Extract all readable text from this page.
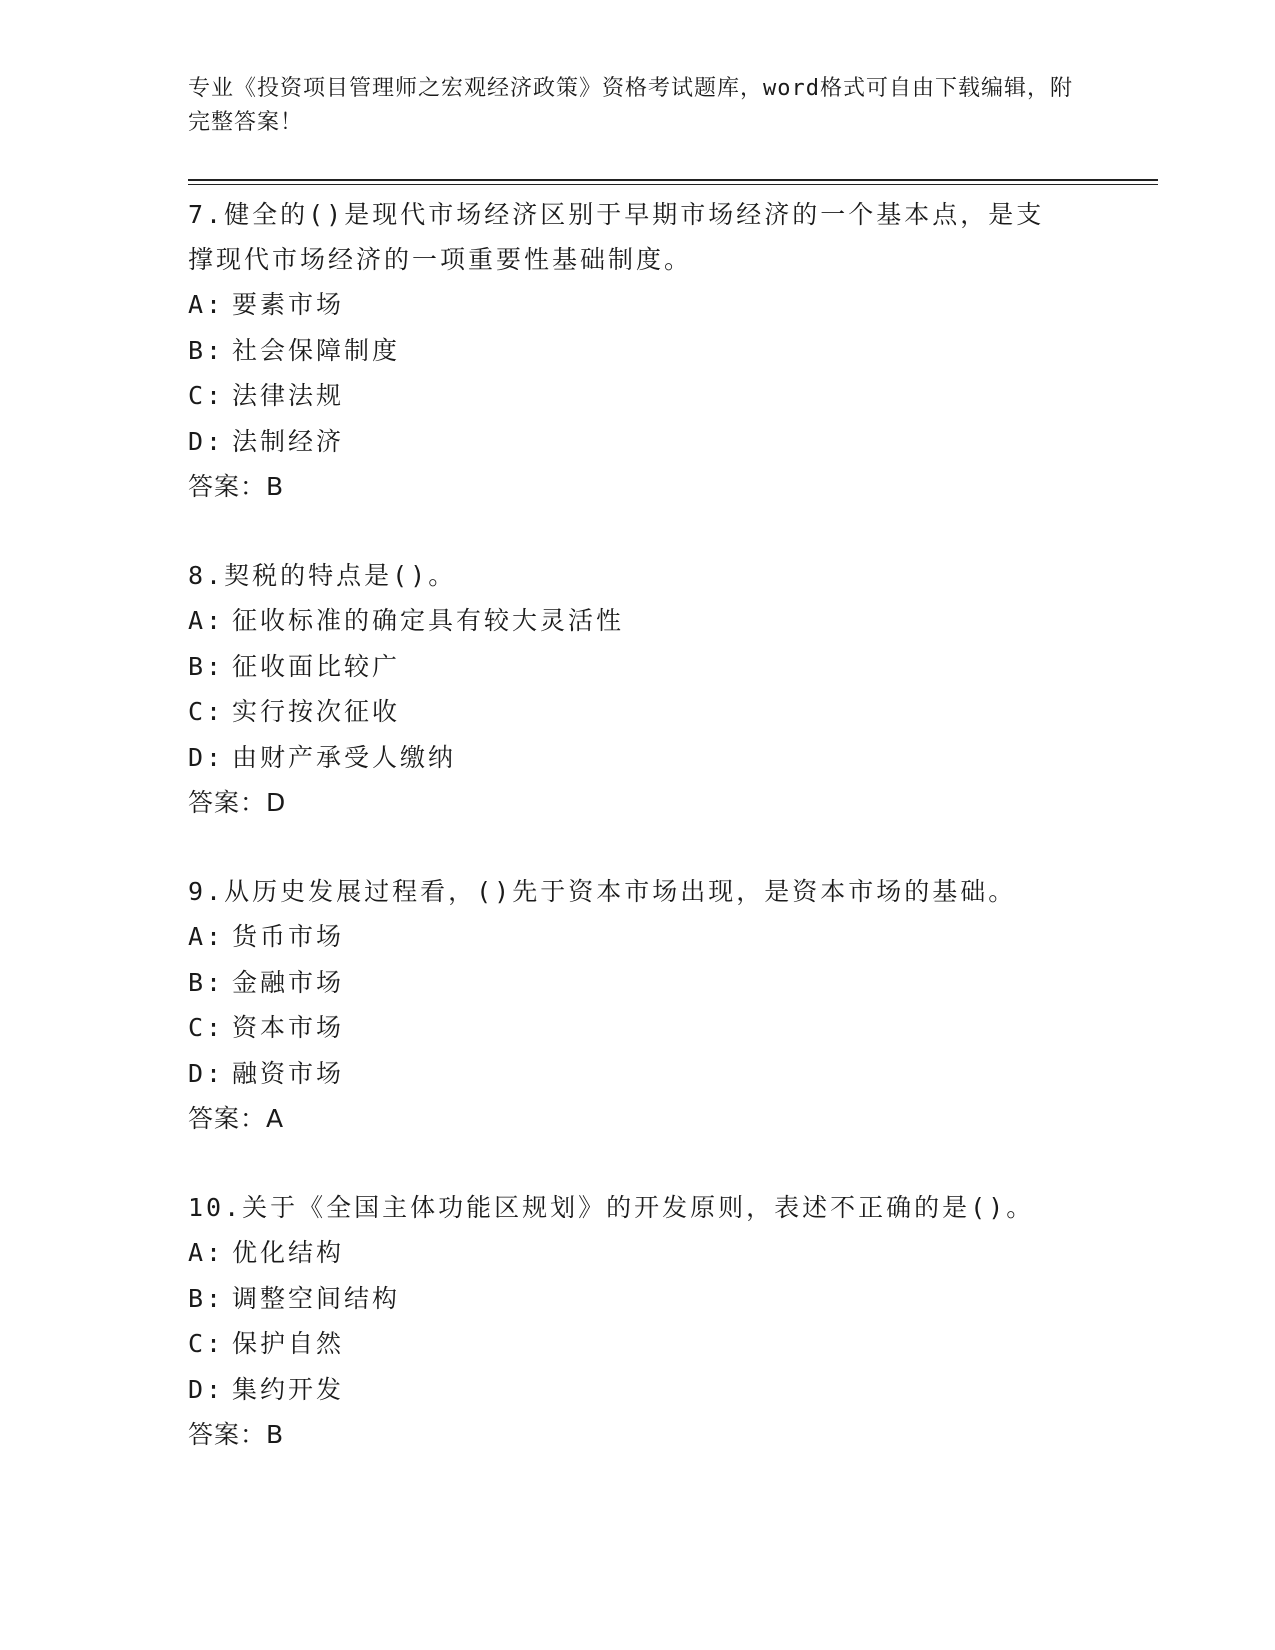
专业《投资项目管理师之宏观经济政策》资格考试题库，word格式可自由下载编辑，附完整答案！

7.健全的()是现代市场经济区别于早期市场经济的一个基本点，是支撑现代市场经济的一项重要性基础制度。

A: 要素市场
B: 社会保障制度
C: 法律法规
D: 法制经济
答案：B

8.契税的特点是()。

A: 征收标准的确定具有较大灵活性
B: 征收面比较广
C: 实行按次征收
D: 由财产承受人缴纳
答案：D

9.从历史发展过程看，()先于资本市场出现，是资本市场的基础。

A: 货币市场
B: 金融市场
C: 资本市场
D: 融资市场
答案：A

10.关于《全国主体功能区规划》的开发原则，表述不正确的是()。

A: 优化结构
B: 调整空间结构
C: 保护自然
D: 集约开发
答案：B
